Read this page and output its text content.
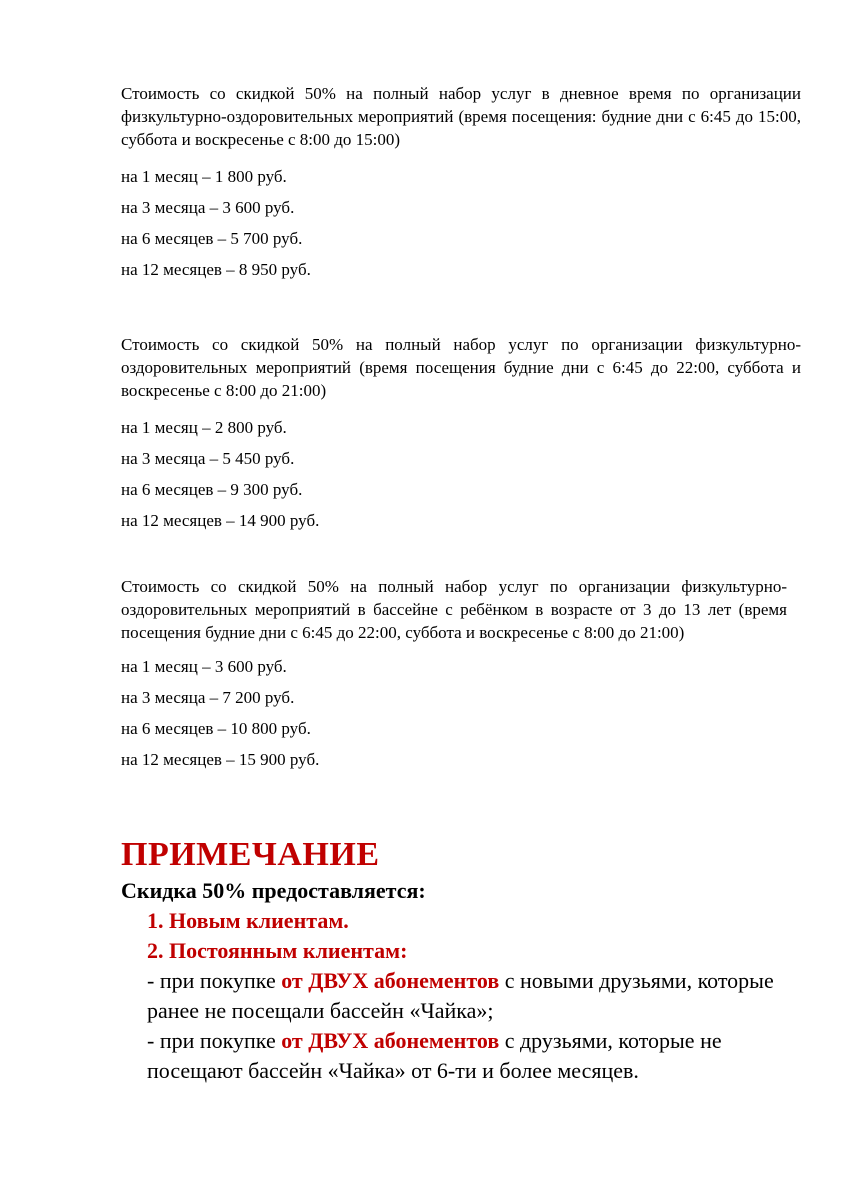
Стоимость со скидкой 50% на полный набор услуг в дневное время по организации физкультурно-оздоровительных мероприятий (время посещения: будние дни с 6:45 до 15:00, суббота и воскресенье с 8:00 до 15:00)

на 1 месяц – 1 800 руб.
на 3 месяца – 3 600 руб.
на 6 месяцев – 5 700 руб.
на 12 месяцев – 8 950 руб.

Стоимость со скидкой 50% на полный набор услуг по организации физкультурно-оздоровительных мероприятий (время посещения будние дни с 6:45 до 22:00, суббота и воскресенье с 8:00 до 21:00)

на 1 месяц – 2 800 руб.
на 3 месяца – 5 450 руб.
на 6 месяцев – 9 300 руб.
на 12 месяцев – 14 900 руб.

Стоимость со скидкой 50% на полный набор услуг по организации физкультурно-оздоровительных мероприятий в бассейне с ребёнком в возрасте от 3 до 13 лет (время посещения будние дни с 6:45 до 22:00, суббота и воскресенье с 8:00 до 21:00)

на 1 месяц – 3 600 руб.
на 3 месяца – 7 200 руб.
на 6 месяцев – 10 800 руб.
на 12 месяцев – 15 900 руб.
ПРИМЕЧАНИЕ

Скидка 50% предоставляется:

1. Новым клиентам.
2. Постоянным клиентам:
- при покупке от ДВУХ абонементов с новыми друзьями, которые ранее не посещали бассейн «Чайка»;
- при покупке от ДВУХ абонементов с друзьями, которые не посещают бассейн «Чайка» от 6-ти и более месяцев.
